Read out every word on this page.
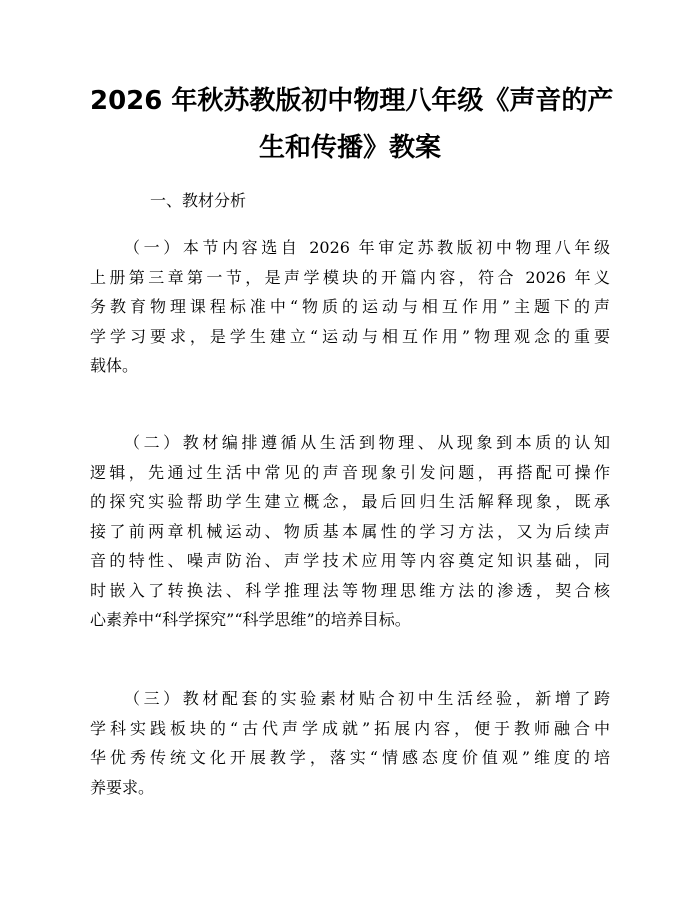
2026 年秋苏教版初中物理八年级《声音的产
生和传播》教案
一、教材分析
（一）本节内容选自 2026 年审定苏教版初中物理八年级
上册第三章第一节，是声学模块的开篇内容，符合 2026 年义
务教育物理课程标准中“物质的运动与相互作用”主题下的声
学学习要求，是学生建立“运动与相互作用”物理观念的重要
载体。
（二）教材编排遵循从生活到物理、从现象到本质的认知
逻辑，先通过生活中常见的声音现象引发问题，再搭配可操作
的探究实验帮助学生建立概念，最后回归生活解释现象，既承
接了前两章机械运动、物质基本属性的学习方法，又为后续声
音的特性、噪声防治、声学技术应用等内容奠定知识基础，同
时嵌入了转换法、科学推理法等物理思维方法的渗透，契合核
心素养中“科学探究”“科学思维”的培养目标。
（三）教材配套的实验素材贴合初中生活经验，新增了跨
学科实践板块的“古代声学成就”拓展内容，便于教师融合中
华优秀传统文化开展教学，落实“情感态度价值观”维度的培
养要求。
